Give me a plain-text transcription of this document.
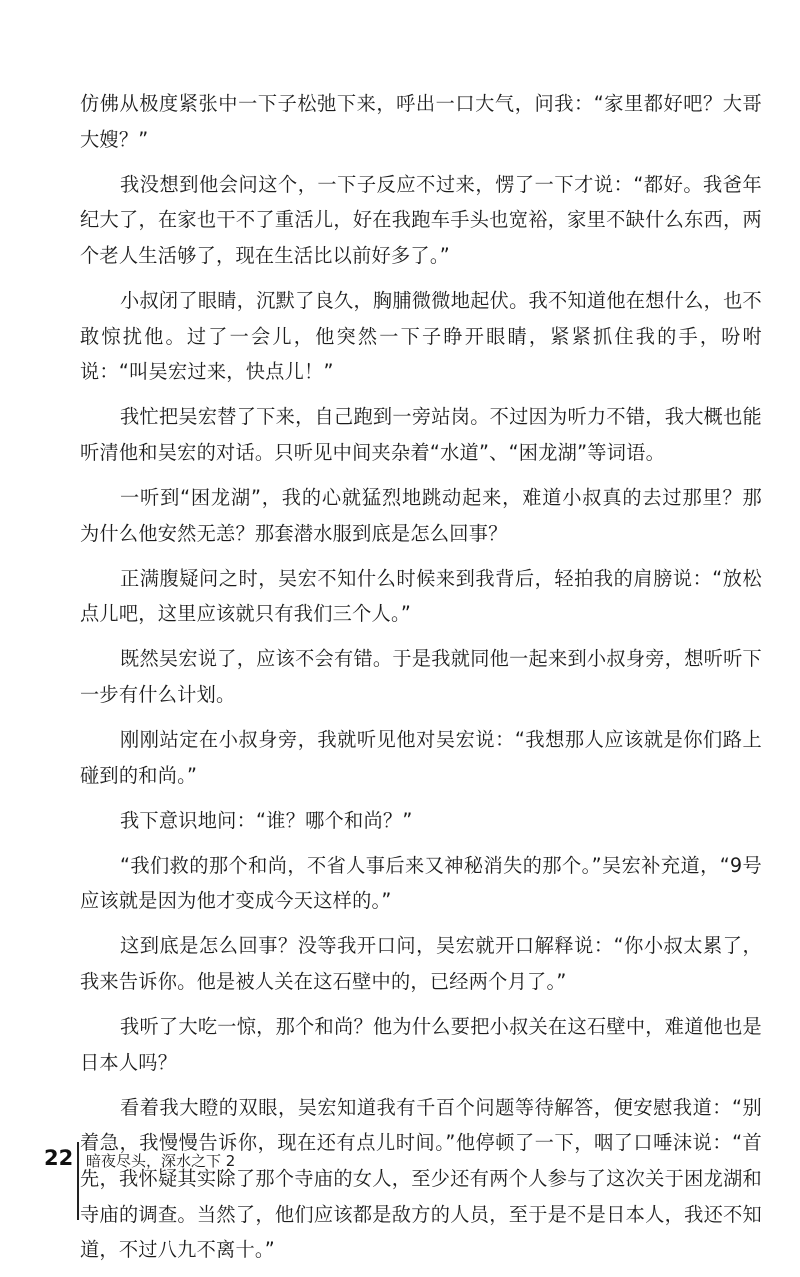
仿佛从极度紧张中一下子松弛下来，呼出一口大气，问我：“家里都好吧？大哥大嫂？”

我没想到他会问这个，一下子反应不过来，愣了一下才说：“都好。我爸年纪大了，在家也干不了重活儿，好在我跑车手头也宽裕，家里不缺什么东西，两个老人生活够了，现在生活比以前好多了。”

小叔闭了眼睛，沉默了良久，胸脯微微地起伏。我不知道他在想什么，也不敢惊扰他。过了一会儿，他突然一下子睁开眼睛，紧紧抓住我的手，吩咐说：“叫吴宏过来，快点儿！”

我忙把吴宏替了下来，自己跑到一旁站岗。不过因为听力不错，我大概也能听清他和吴宏的对话。只听见中间夹杂着“水道”、“困龙湖”等词语。

一听到“困龙湖”，我的心就猛烈地跳动起来，难道小叔真的去过那里？那为什么他安然无恙？那套潜水服到底是怎么回事？

正满腹疑问之时，吴宏不知什么时候来到我背后，轻拍我的肩膀说：“放松点儿吧，这里应该就只有我们三个人。”

既然吴宏说了，应该不会有错。于是我就同他一起来到小叔身旁，想听听下一步有什么计划。

刚刚站定在小叔身旁，我就听见他对吴宏说：“我想那人应该就是你们路上碰到的和尚。”

我下意识地问：“谁？哪个和尚？”

“我们救的那个和尚，不省人事后来又神秘消失的那个。”吴宏补充道，“9号应该就是因为他才变成今天这样的。”

这到底是怎么回事？没等我开口问，吴宏就开口解释说：“你小叔太累了，我来告诉你。他是被人关在这石壁中的，已经两个月了。”

我听了大吃一惊，那个和尚？他为什么要把小叔关在这石壁中，难道他也是日本人吗？

看着我大瞪的双眼，吴宏知道我有千百个问题等待解答，便安慰我道：“别着急，我慢慢告诉你，现在还有点儿时间。”他停顿了一下，咽了口唾沫说：“首先，我怀疑其实除了那个寺庙的女人，至少还有两个人参与了这次关于困龙湖和寺庙的调查。当然了，他们应该都是敌方的人员，至于是不是日本人，我还不知道，不过八九不离十。”

22 暗夜尽头，深水之下 2
